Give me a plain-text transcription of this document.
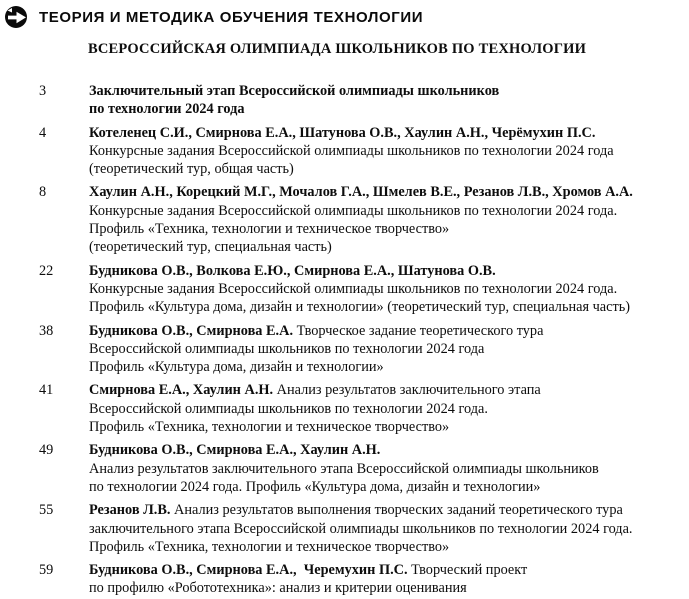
ТЕОРИЯ И МЕТОДИКА ОБУЧЕНИЯ ТЕХНОЛОГИИ
ВСЕРОССИЙСКАЯ ОЛИМПИАДА ШКОЛЬНИКОВ ПО ТЕХНОЛОГИИ
3	Заключительный этап Всероссийской олимпиады школьников
по технологии 2024 года
4	Котеленец С.И., Смирнова Е.А., Шатунова О.В., Хаулин А.Н., Черёмухин П.С.
Конкурсные задания Всероссийской олимпиады школьников по технологии 2024 года
(теоретический тур, общая часть)
8	Хаулин А.Н., Корецкий М.Г., Мочалов Г.А., Шмелев В.Е., Резанов Л.В., Хромов А.А.
Конкурсные задания Всероссийской олимпиады школьников по технологии 2024 года.
Профиль «Техника, технологии и техническое творчество»
(теоретический тур, специальная часть)
22	Будникова О.В., Волкова Е.Ю., Смирнова Е.А., Шатунова О.В.
Конкурсные задания Всероссийской олимпиады школьников по технологии 2024 года.
Профиль «Культура дома, дизайн и технологии» (теоретический тур, специальная часть)
38	Будникова О.В., Смирнова Е.А. Творческое задание теоретического тура
Всероссийской олимпиады школьников по технологии 2024 года
Профиль «Культура дома, дизайн и технологии»
41	Смирнова Е.А., Хаулин А.Н. Анализ результатов заключительного этапа
Всероссийской олимпиады школьников по технологии 2024 года.
Профиль «Техника, технологии и техническое творчество»
49	Будникова О.В., Смирнова Е.А., Хаулин А.Н.
Анализ результатов заключительного этапа Всероссийской олимпиады школьников
по технологии 2024 года. Профиль «Культура дома, дизайн и технологии»
55	Резанов Л.В. Анализ результатов выполнения творческих заданий теоретического тура
заключительного этапа Всероссийской олимпиады школьников по технологии 2024 года.
Профиль «Техника, технологии и техническое творчество»
59	Будникова О.В., Смирнова Е.А.,  Черемухин П.С. Творческий проект
по профилю «Робототехника»: анализ и критерии оценивания
